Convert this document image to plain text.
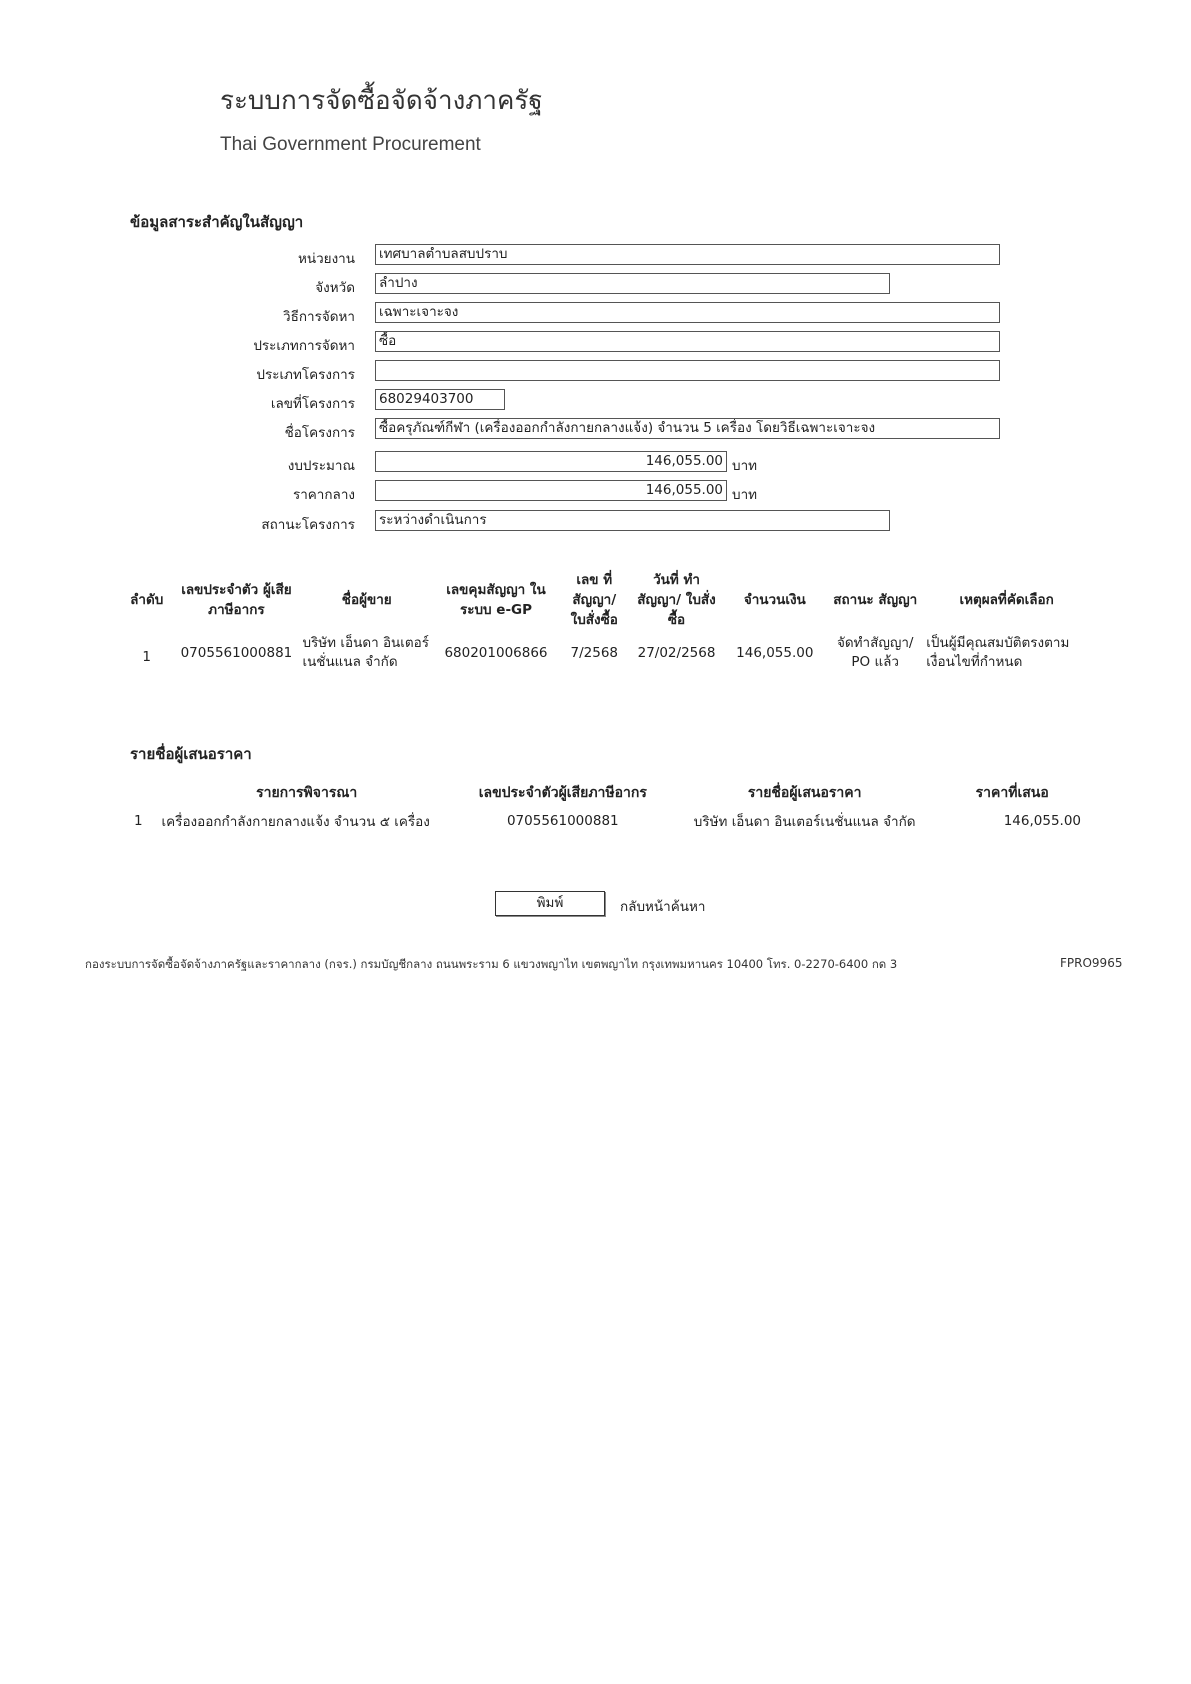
ระบบการจัดซื้อจัดจ้างภาครัฐ
Thai Government Procurement
ข้อมูลสาระสำคัญในสัญญา
หน่วยงาน เทศบาลตำบลสบปราบ
จังหวัด ลำปาง
วิธีการจัดหา เฉพาะเจาะจง
ประเภทการจัดหา ซื้อ
ประเภทโครงการ
เลขที่โครงการ 68029403700
ชื่อโครงการ ซื้อครุภัณฑ์กีฬา (เครื่องออกกำลังกายกลางแจ้ง) จำนวน 5 เครื่อง โดยวิธีเฉพาะเจาะจง
งบประมาณ	146,055.00 บาท
ราคากลาง	146,055.00 บาท
สถานะโครงการ ระหว่างดำเนินการ
ลำดับ	เลขประจำตัว ผู้เสียภาษีอากร	ชื่อผู้ขาย	เลขคุมสัญญา ในระบบ e-GP	เลข ที่สัญญา/ ใบสั่งซื้อ	วันที่ ทำสัญญา/ ใบสั่งซื้อ	จำนวนเงิน	สถานะ สัญญา	เหตุผลที่คัดเลือก
1	0705561000881	บริษัท เอ็นดา อินเตอร์เนชั่นแนล จำกัด	680201006866	7/2568	27/02/2568	146,055.00	จัดทำสัญญา/ PO แล้ว	เป็นผู้มีคุณสมบัติตรงตาม เงื่อนไขที่กำหนด
รายชื่อผู้เสนอราคา
	รายการพิจารณา	เลขประจำตัวผู้เสียภาษีอากร	รายชื่อผู้เสนอราคา	ราคาที่เสนอ
1	เครื่องออกกำลังกายกลางแจ้ง จำนวน ๕ เครื่อง	0705561000881	บริษัท เอ็นดา อินเตอร์เนชั่นแนล จำกัด	146,055.00
พิมพ์	กลับหน้าค้นหา
กองระบบการจัดซื้อจัดจ้างภาครัฐและราคากลาง (กจร.) กรมบัญชีกลาง ถนนพระราม 6 แขวงพญาไท เขตพญาไท กรุงเทพมหานคร 10400 โทร. 0-2270-6400 กด 3	FPRO9965
